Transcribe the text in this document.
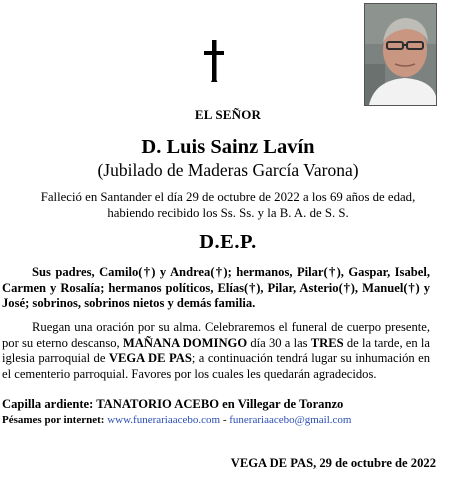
EL SEÑOR
D. Luis Sainz Lavín
(Jubilado de Maderas García Varona)
Falleció en Santander el día 29 de octubre de 2022 a los 69 años de edad,
habiendo recibido los Ss. Ss. y la B. A. de S. S.
D.E.P.
Sus padres, Camilo(†) y Andrea(†); hermanos, Pilar(†), Gaspar, Isabel, Carmen y Rosalía; hermanos políticos, Elías(†), Pilar, Asterio(†), Manuel(†) y José; sobrinos, sobrinos nietos y demás familia.
Ruegan una oración por su alma. Celebraremos el funeral de cuerpo presente, por su eterno descanso, MAÑANA DOMINGO día 30 a las TRES de la tarde, en la iglesia parroquial de VEGA DE PAS; a continuación tendrá lugar su inhumación en el cementerio parroquial. Favores por los cuales les quedarán agradecidos.
Capilla ardiente: TANATORIO ACEBO en Villegar de Toranzo
Pésames por internet: www.funerariaacebo.com - funerariaacebo@gmail.com
VEGA DE PAS, 29 de octubre de 2022
